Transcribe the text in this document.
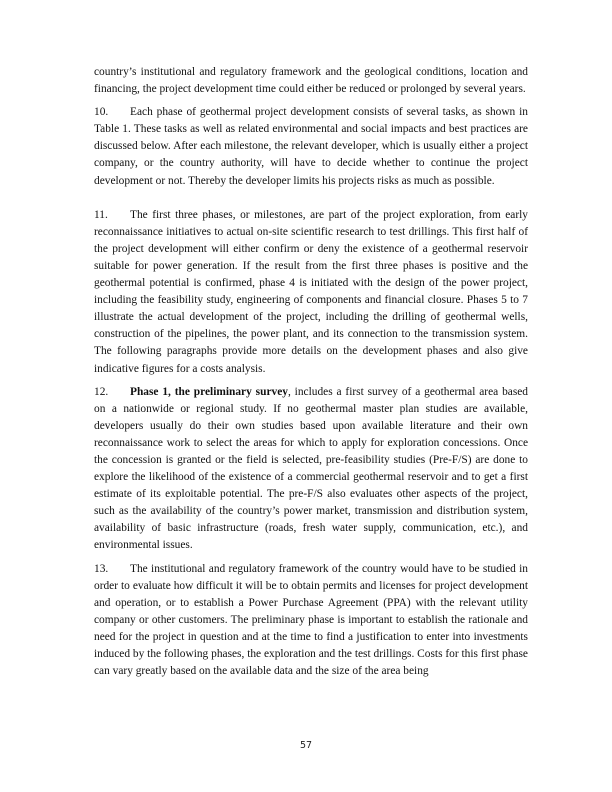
country’s institutional and regulatory framework and the geological conditions, location and financing, the project development time could either be reduced or prolonged by several years.

10. Each phase of geothermal project development consists of several tasks, as shown in Table 1. These tasks as well as related environmental and social impacts and best practices are discussed below. After each milestone, the relevant developer, which is usually either a project company, or the country authority, will have to decide whether to continue the project development or not. Thereby the developer limits his projects risks as much as possible.

11. The first three phases, or milestones, are part of the project exploration, from early reconnaissance initiatives to actual on-site scientific research to test drillings. This first half of the project development will either confirm or deny the existence of a geothermal reservoir suitable for power generation. If the result from the first three phases is positive and the geothermal potential is confirmed, phase 4 is initiated with the design of the power project, including the feasibility study, engineering of components and financial closure. Phases 5 to 7 illustrate the actual development of the project, including the drilling of geothermal wells, construction of the pipelines, the power plant, and its connection to the transmission system. The following paragraphs provide more details on the development phases and also give indicative figures for a costs analysis.

12. Phase 1, the preliminary survey, includes a first survey of a geothermal area based on a nationwide or regional study. If no geothermal master plan studies are available, developers usually do their own studies based upon available literature and their own reconnaissance work to select the areas for which to apply for exploration concessions. Once the concession is granted or the field is selected, pre-feasibility studies (Pre-F/S) are done to explore the likelihood of the existence of a commercial geothermal reservoir and to get a first estimate of its exploitable potential. The pre-F/S also evaluates other aspects of the project, such as the availability of the country’s power market, transmission and distribution system, availability of basic infrastructure (roads, fresh water supply, communication, etc.), and environmental issues.

13. The institutional and regulatory framework of the country would have to be studied in order to evaluate how difficult it will be to obtain permits and licenses for project development and operation, or to establish a Power Purchase Agreement (PPA) with the relevant utility company or other customers. The preliminary phase is important to establish the rationale and need for the project in question and at the time to find a justification to enter into investments induced by the following phases, the exploration and the test drillings. Costs for this first phase can vary greatly based on the available data and the size of the area being

57
